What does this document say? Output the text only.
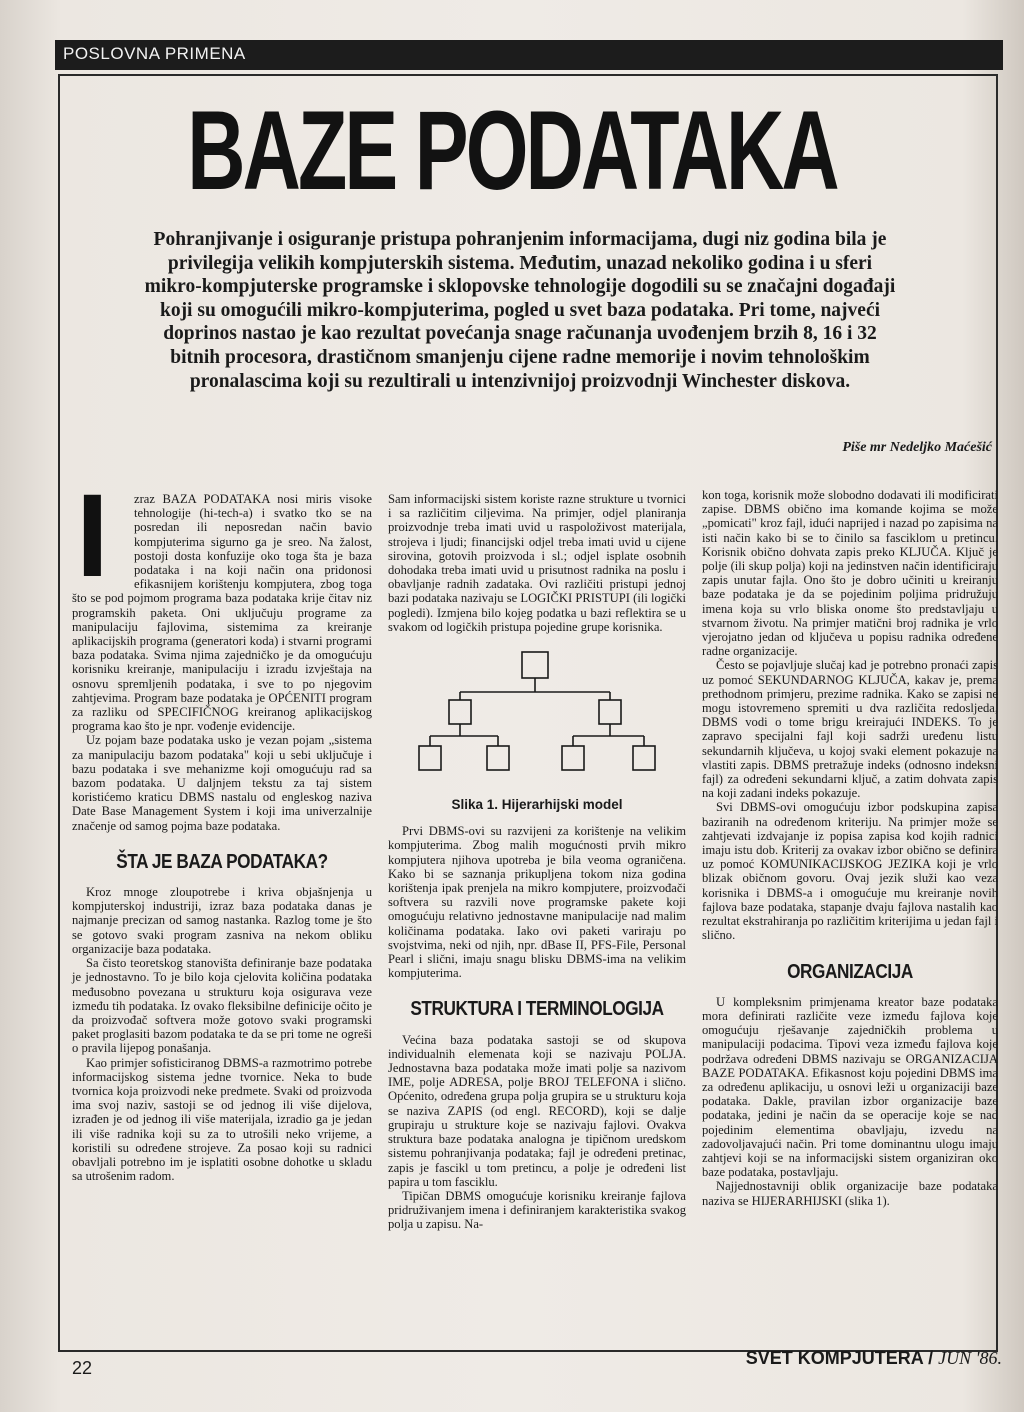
POSLOVNA PRIMENA
BAZE PODATAKA
Pohranjivanje i osiguranje pristupa pohranjenim informacijama, dugi niz godina bila je privilegija velikih kompjuterskih sistema. Međutim, unazad nekoliko godina i u sferi mikro-kompjuterske programske i sklopovske tehnologije dogodili su se značajni događaji koji su omogućili mikro-kompjuterima, pogled u svet baza podataka. Pri tome, najveći doprinos nastao je kao rezultat povećanja snage računanja uvođenjem brzih 8, 16 i 32 bitnih procesora, drastičnom smanjenju cijene radne memorije i novim tehnološkim pronalascima koji su rezultirali u intenzivnijoj proizvodnji Winchester diskova.
Piše mr Nedeljko Maćešić

I	zraz BAZA PODATAKA nosi miris visoke tehnologije (hi-tech-a) i svatko tko se na posredan ili neposredan način bavio kompjuterima sigurno ga je sreo. Na žalost, postoji dosta konfuzije oko toga šta je baza podataka i na koji način ona pridonosi efikasnijem korištenju kompjutera, zbog toga što se pod pojmom programa baza podataka krije čitav niz programskih paketa. Oni uključuju programe za manipulaciju fajlovima, sistemima za kreiranje aplikacijskih programa (generatori koda) i stvarni programi baza podataka. Svima njima zajedničko je da omogućuju korisniku kreiranje, manipulaciju i izradu izvještaja na osnovu spremljenih podataka, i sve to po njegovim zahtjevima. Program baze podataka je OPĆENITI program za razliku od SPECIFIČNOG kreiranog aplikacijskog programa kao što je npr. vođenje evidencije.

Uz pojam baze podataka usko je vezan pojam „sistema za manipulaciju bazom podataka" koji u sebi uključuje i bazu podataka i sve mehanizme koji omogućuju rad sa bazom podataka. U daljnjem tekstu za taj sistem koristićemo kraticu DBMS nastalu od engleskog naziva Date Base Management System i koji ima univerzalnije značenje od samog pojma baze podataka.

ŠTA JE BAZA PODATAKA?

Kroz mnoge zloupotrebe i kriva objašnjenja u kompjuterskoj industriji, izraz baza podataka danas je najmanje precizan od samog nastanka. Razlog tome je što se gotovo svaki program zasniva na nekom obliku organizacije baza podataka.

Sa čisto teoretskog stanovišta definiranje baze podataka je jednostavno. To je bilo koja cjelovita količina podataka međusobno povezana u strukturu koja osigurava veze između tih podataka. Iz ovako fleksibilne definicije očito je da proizvođač softvera može gotovo svaki programski paket proglasiti bazom podataka te da se pri tome ne ogreši o pravila lijepog ponašanja.

Kao primjer sofisticiranog DBMS-a razmotrimo potrebe informacijskog sistema jedne tvornice. Neka to bude tvornica koja proizvodi neke predmete. Svaki od proizvoda ima svoj naziv, sastoji se od jednog ili više dijelova, izrađen je od jednog ili više materijala, izradio ga je jedan ili više radnika koji su za to utrošili neko vrijeme, a koristili su određene strojeve. Za posao koji su radnici obavljali potrebno im je isplatiti osobne dohotke u skladu sa utrošenim radom.

Sam informacijski sistem koriste razne strukture u tvornici i sa različitim ciljevima. Na primjer, odjel planiranja proizvodnje treba imati uvid u raspoloživost materijala, strojeva i ljudi; financijski odjel treba imati uvid u cijene sirovina, gotovih proizvoda i sl.; odjel isplate osobnih dohodaka treba imati uvid u prisutnost radnika na poslu i obavljanje radnih zadataka. Ovi različiti pristupi jednoj bazi podataka nazivaju se LOGIČKI PRISTUPI (ili logički pogledi). Izmjena bilo kojeg podatka u bazi reflektira se u svakom od logičkih pristupa pojedine grupe korisnika.

Slika 1. Hijerarhijski model

Prvi DBMS-ovi su razvijeni za korištenje na velikim kompjuterima. Zbog malih mogućnosti prvih mikro kompjutera njihova upotreba je bila veoma ograničena. Kako bi se saznanja prikupljena tokom niza godina korištenja ipak prenjela na mikro kompjutere, proizvođači softvera su razvili nove programske pakete koji omogućuju relativno jednostavne manipulacije nad malim količinama podataka. Iako ovi paketi variraju po svojstvima, neki od njih, npr. dBase II, PFS-File, Personal Pearl i slični, imaju snagu blisku DBMS-ima na velikim kompjuterima.

STRUKTURA I TERMINOLOGIJA

Većina baza podataka sastoji se od skupova individualnih elemenata koji se nazivaju POLJA. Jednostavna baza podataka može imati polje sa nazivom IME, polje ADRESA, polje BROJ TELEFONA i slično. Općenito, određena grupa polja grupira se u strukturu koja se naziva ZAPIS (od engl. RECORD), koji se dalje grupiraju u strukture koje se nazivaju fajlovi. Ovakva struktura baze podataka analogna je tipičnom uredskom sistemu pohranjivanja podataka; fajl je određeni pretinac, zapis je fascikl u tom pretincu, a polje je određeni list papira u tom fasciklu.

Tipičan DBMS omogućuje korisniku kreiranje fajlova pridruživanjem imena i definiranjem karakteristika svakog polja u zapisu. Na-

kon toga, korisnik može slobodno dodavati ili modificirati zapise. DBMS obično ima komande kojima se može „pomicati" kroz fajl, idući naprijed i nazad po zapisima na isti način kako bi se to činilo sa fasciklom u pretincu. Korisnik obično dohvata zapis preko KLJUČA. Ključ je polje (ili skup polja) koji na jedinstven način identificiraju zapis unutar fajla. Ono što je dobro učiniti u kreiranju baze podataka je da se pojedinim poljima pridružuju imena koja su vrlo bliska onome što predstavljaju u stvarnom životu. Na primjer matični broj radnika je vrlo vjerojatno jedan od ključeva u popisu radnika određene radne organizacije.

Često se pojavljuje slučaj kad je potrebno pronaći zapis uz pomoć SEKUNDARNOG KLJUČA, kakav je, prema prethodnom primjeru, prezime radnika. Kako se zapisi ne mogu istovremeno spremiti u dva različita redosljeda, DBMS vodi o tome brigu kreirajući INDEKS. To je zapravo specijalni fajl koji sadrži uređenu listu sekundarnih ključeva, u kojoj svaki element pokazuje na vlastiti zapis. DBMS pretražuje indeks (odnosno indeksni fajl) za određeni sekundarni ključ, a zatim dohvata zapis na koji zadani indeks pokazuje.

Svi DBMS-ovi omogućuju izbor podskupina zapisa baziranih na određenom kriteriju. Na primjer može se zahtjevati izdvajanje iz popisa zapisa kod kojih radnici imaju istu dob. Kriterij za ovakav izbor obično se definira uz pomoć KOMUNIKACIJSKOG JEZIKA koji je vrlo blizak običnom govoru. Ovaj jezik služi kao veza korisnika i DBMS-a i omogućuje mu kreiranje novih fajlova baze podataka, stapanje dvaju fajlova nastalih kao rezultat ekstrahiranja po različitim kriterijima u jedan fajl i slično.

ORGANIZACIJA

U kompleksnim primjenama kreator baze podataka mora definirati različite veze između fajlova koje omogućuju rješavanje zajedničkih problema u manipulaciji podacima. Tipovi veza između fajlova koje podržava određeni DBMS nazivaju se ORGANIZACIJA BAZE PODATAKA. Efikasnost koju pojedini DBMS ima za određenu aplikaciju, u osnovi leži u organizaciji baze podataka. Dakle, pravilan izbor organizacije baze podataka, jedini je način da se operacije koje se nad pojedinim elementima obavljaju, izvedu na zadovoljavajući način. Pri tome dominantnu ulogu imaju zahtjevi koji se na informacijski sistem organiziran oko baze podataka, postavljaju.

Najjednostavniji oblik organizacije baze podataka naziva se HIJERARHIJSKI (slika 1).

22	SVET KOMPJUTERA / JUN '86.
